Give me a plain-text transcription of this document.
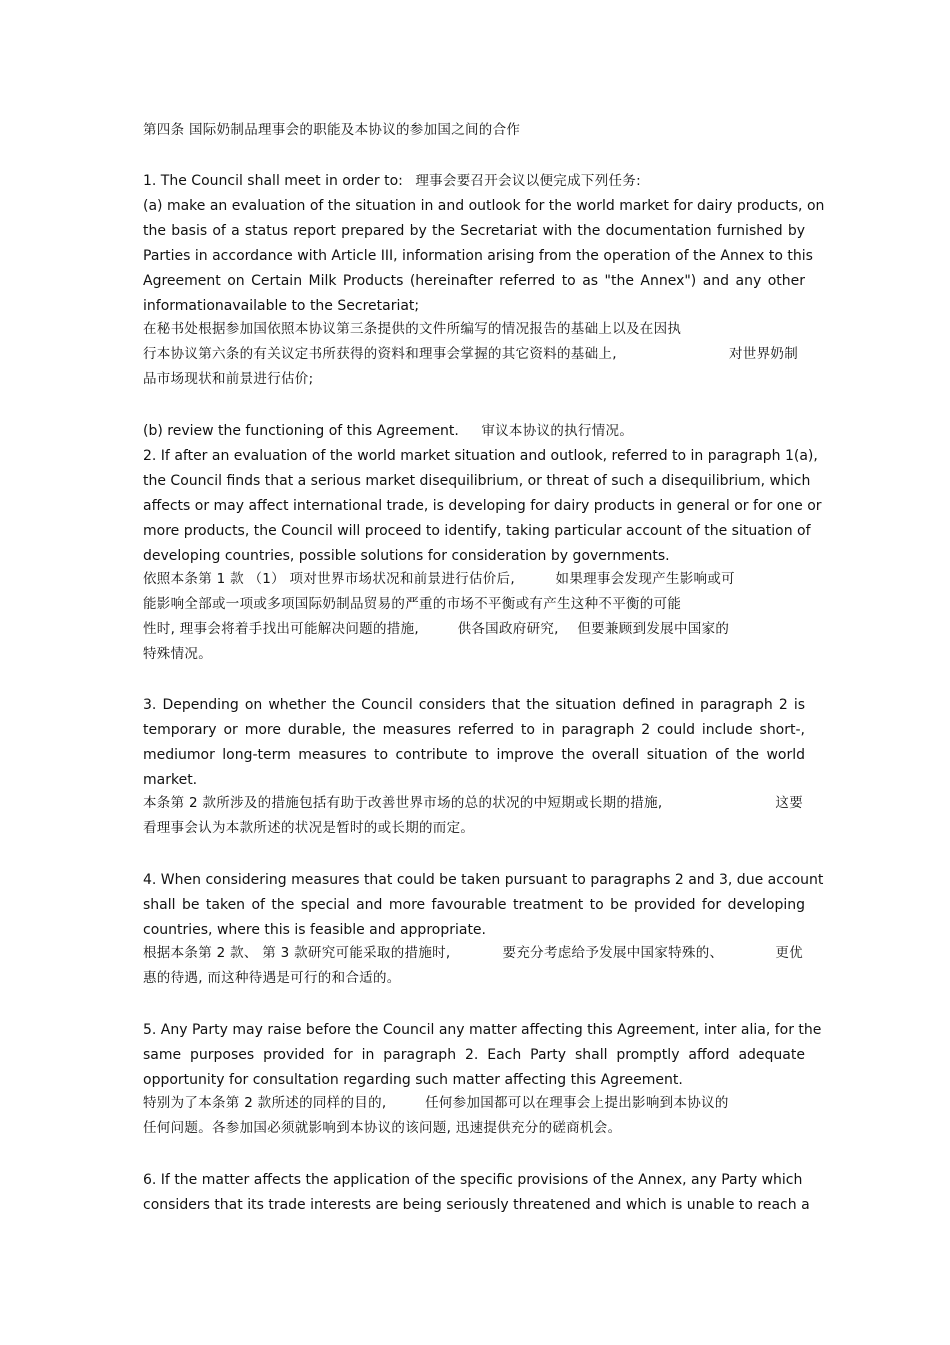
第四条 国际奶制品理事会的职能及本协议的参加国之间的合作
1. The Council shall meet in order to: 理事会要召开会议以便完成下列任务:
(a) make an evaluation of the situation in and outlook for the world market for dairy products, on
the basis of a status report prepared by the Secretariat with the documentation furnished by
Parties in accordance with Article III, information arising from the operation of the Annex to this
Agreement on Certain Milk Products (hereinafter referred to as "the Annex") and any other
informationavailable to the Secretariat;
在秘书处根据参加国依照本协议第三条提供的文件所编写的情况报告的基础上以及在因执
行本协议第六条的有关议定书所获得的资料和理事会掌握的其它资料的基础上,	对世界奶制
品市场现状和前景进行估价;
(b) review the functioning of this Agreement. 审议本协议的执行情况。
2. If after an evaluation of the world market situation and outlook, referred to in paragraph 1(a),
the Council finds that a serious market disequilibrium, or threat of such a disequilibrium, which
affects or may affect international trade, is developing for dairy products in general or for one or
more products, the Council will proceed to identify, taking particular account of the situation of
developing countries, possible solutions for consideration by governments.
依照本条第 1 款 （1） 项对世界市场状况和前景进行估价后,	如果理事会发现产生影响或可
能影响全部或一项或多项国际奶制品贸易的严重的市场不平衡或有产生这种不平衡的可能
性时, 理事会将着手找出可能解决问题的措施,	供各国政府研究, 但要兼顾到发展中国家的
特殊情况。
3. Depending on whether the Council considers that the situation defined in paragraph 2 is
temporary or more durable, the measures referred to in paragraph 2 could include short-,
mediumor long-term measures to contribute to improve the overall situation of the world
market.
本条第 2 款所涉及的措施包括有助于改善世界市场的总的状况的中短期或长期的措施,	这要
看理事会认为本款所述的状况是暂时的或长期的而定。
4. When considering measures that could be taken pursuant to paragraphs 2 and 3, due account
shall be taken of the special and more favourable treatment to be provided for developing
countries, where this is feasible and appropriate.
根据本条第 2 款、 第 3 款研究可能采取的措施时,	要充分考虑给予发展中国家特殊的、	更优
惠的待遇, 而这种待遇是可行的和合适的。
5. Any Party may raise before the Council any matter affecting this Agreement, inter alia, for the
same purposes provided for in paragraph 2. Each Party shall promptly afford adequate
opportunity for consultation regarding such matter affecting this Agreement.
特别为了本条第 2 款所述的同样的目的,	任何参加国都可以在理事会上提出影响到本协议的
任何问题。各参加国必须就影响到本协议的该问题, 迅速提供充分的磋商机会。
6. If the matter affects the application of the specific provisions of the Annex, any Party which
considers that its trade interests are being seriously threatened and which is unable to reach a
